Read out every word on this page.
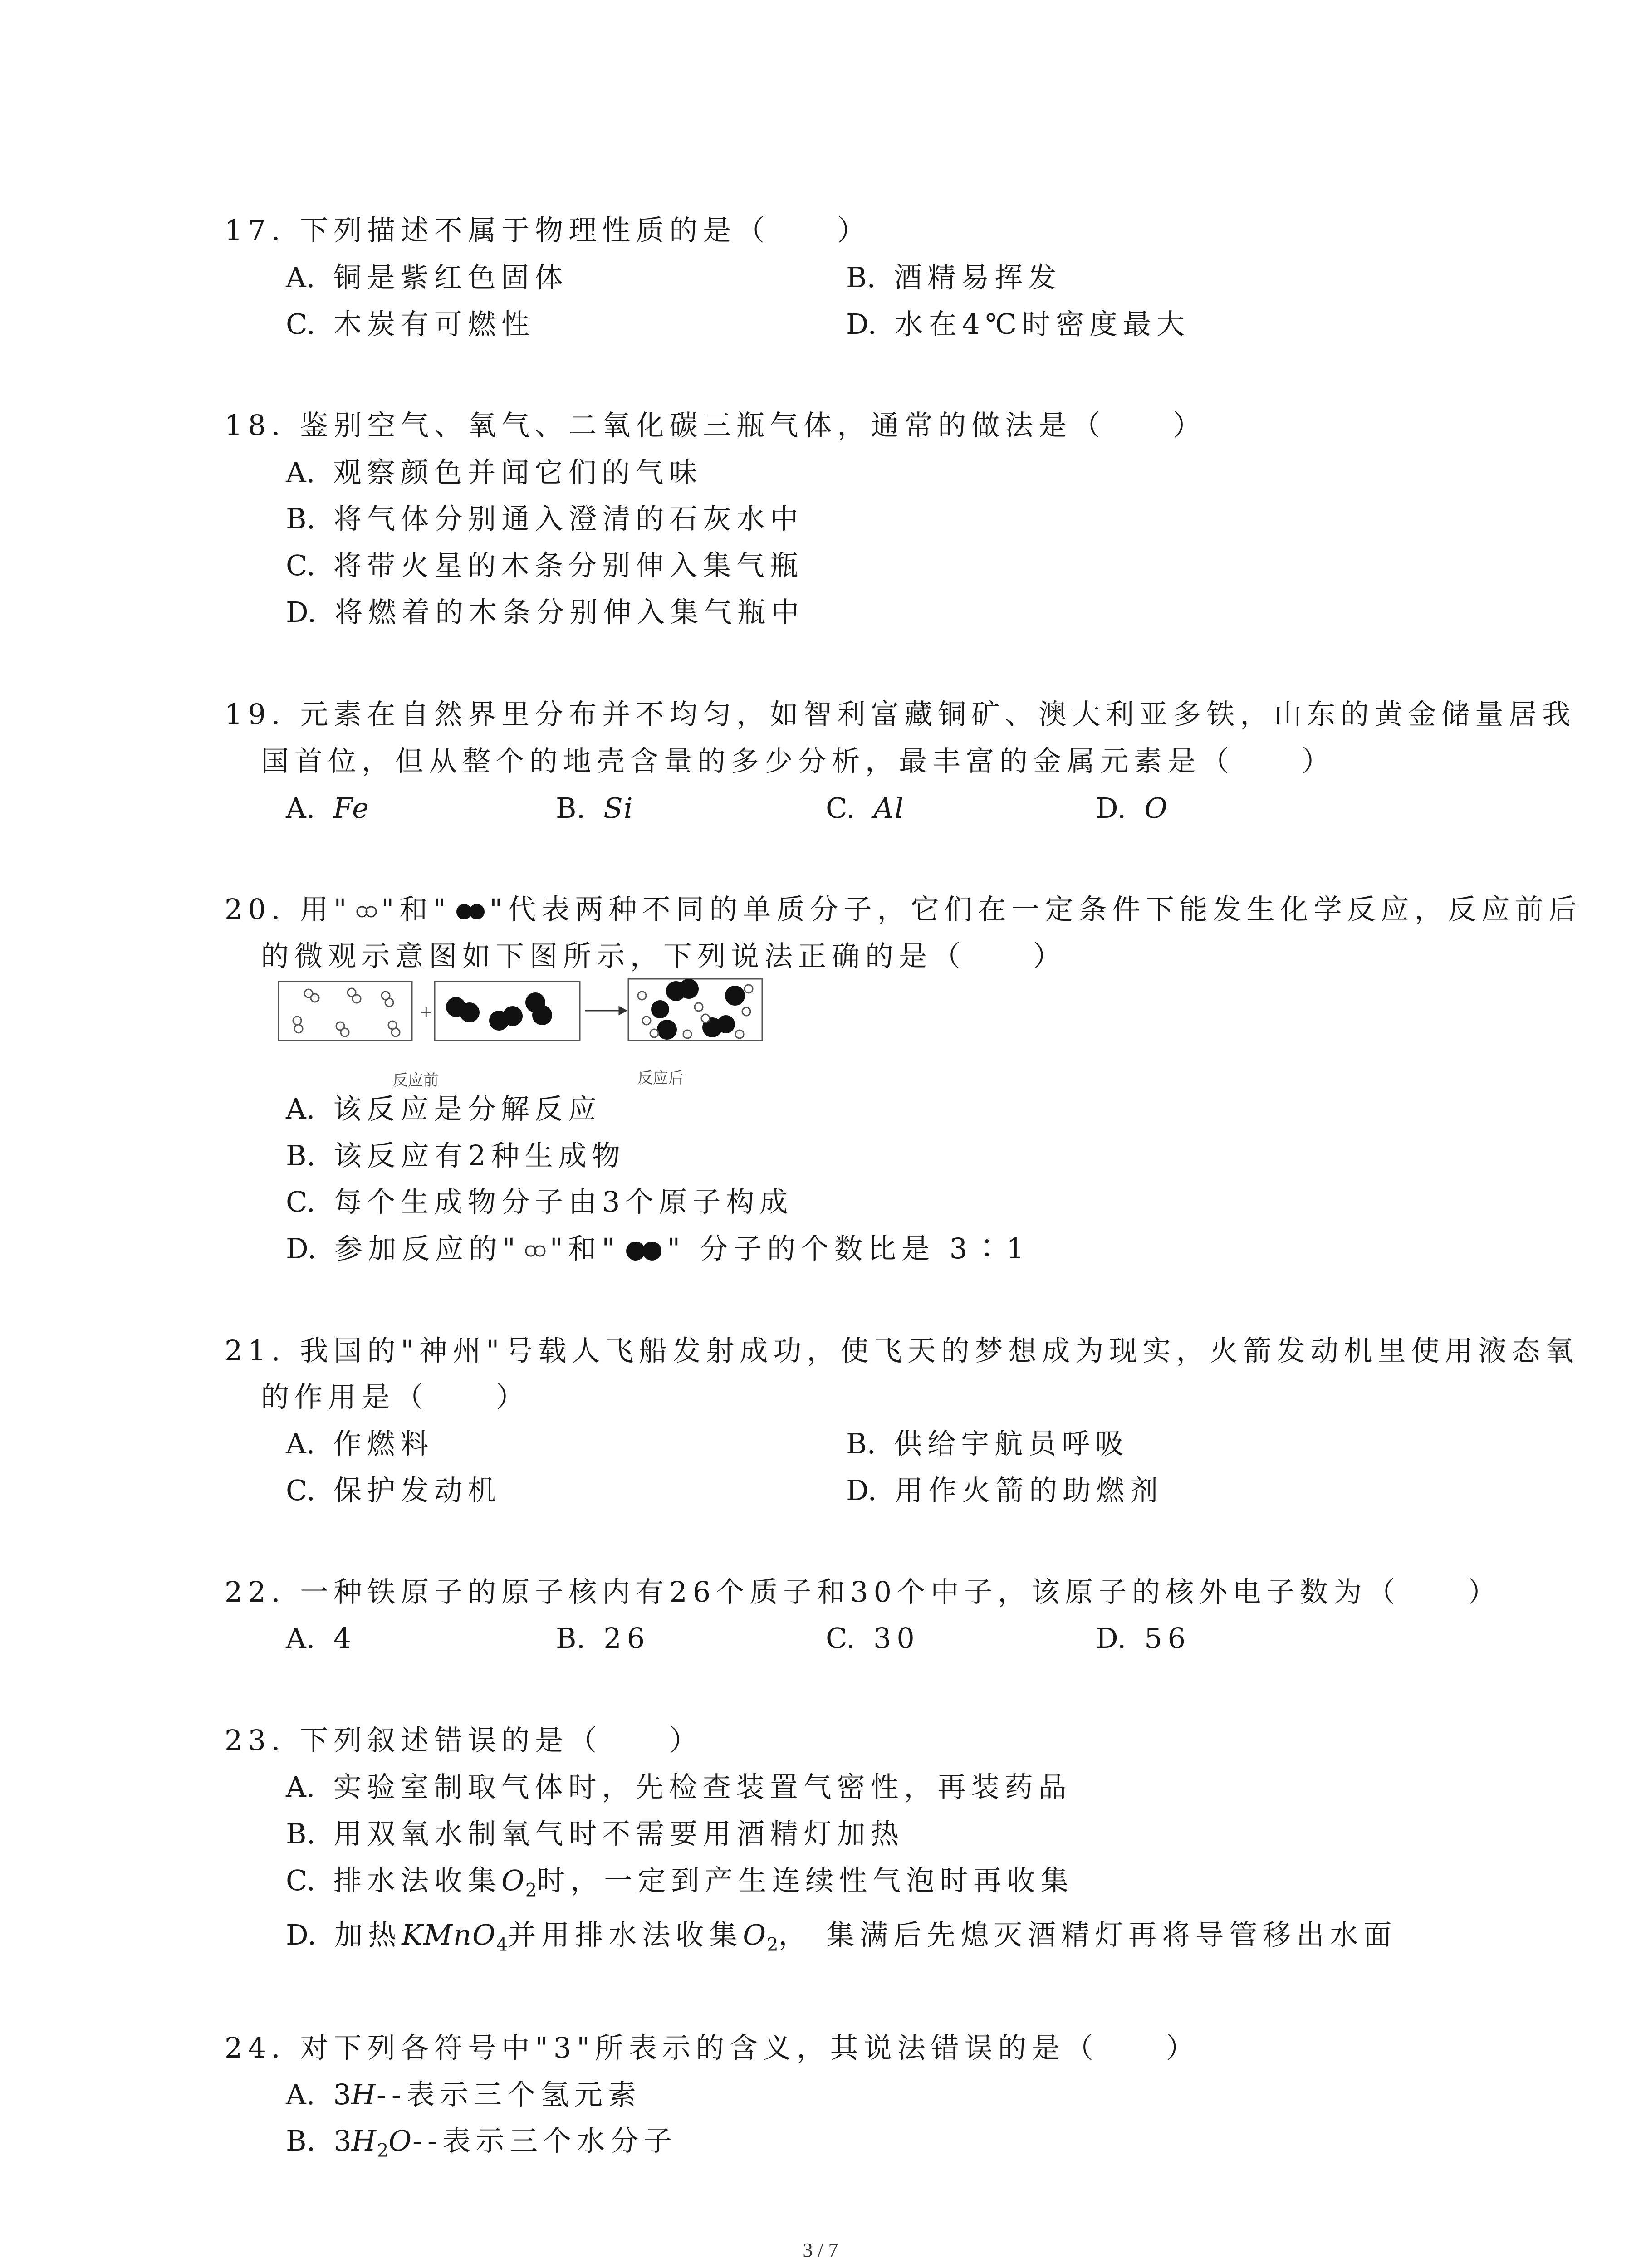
17. 下列描述不属于物理性质的是（　　）
A. 铜是紫红色固体	B. 酒精易挥发
C. 木炭有可燃性	D. 水在4℃时密度最大
18. 鉴别空气、氧气、二氧化碳三瓶气体，通常的做法是（　　）
A. 观察颜色并闻它们的气味
B. 将气体分别通入澄清的石灰水中
C. 将带火星的木条分别伸入集气瓶
D. 将燃着的木条分别伸入集气瓶中
19. 元素在自然界里分布并不均匀，如智利富藏铜矿、澳大利亚多铁，山东的黄金储量居我
国首位，但从整个的地壳含量的多少分析，最丰富的金属元素是（　　）
A. Fe	B. Si	C. Al	D. O
20. 用" "和" "代表两种不同的单质分子，它们在一定条件下能发生化学反应，反应前后
的微观示意图如下图所示，下列说法正确的是（　　）
+
反应前	反应后
A. 该反应是分解反应
B. 该反应有2种生成物
C. 每个生成物分子由3个原子构成
D. 参加反应的" "和" " 分子的个数比是 3∶1
21. 我国的"神州"号载人飞船发射成功，使飞天的梦想成为现实，火箭发动机里使用液态氧
的作用是（　　）
A. 作燃料	B. 供给宇航员呼吸
C. 保护发动机	D. 用作火箭的助燃剂
22. 一种铁原子的原子核内有26个质子和30个中子，该原子的核外电子数为（　　）
A. 4	B. 26	C. 30	D. 56
23. 下列叙述错误的是（　　）
A. 实验室制取气体时，先检查装置气密性，再装药品
B. 用双氧水制氧气时不需要用酒精灯加热
C. 排水法收集$O_2$时，一定到产生连续性气泡时再收集
D. 加热KMnO$_4$并用排水法收集$O_2$， 集满后先熄灭酒精灯再将导管移出水面
24. 对下列各符号中"3"所表示的含义，其说法错误的是（　　）
A. 3H--表示三个氢元素
B. $3H_2O--$表示三个水分子
3 / 7
